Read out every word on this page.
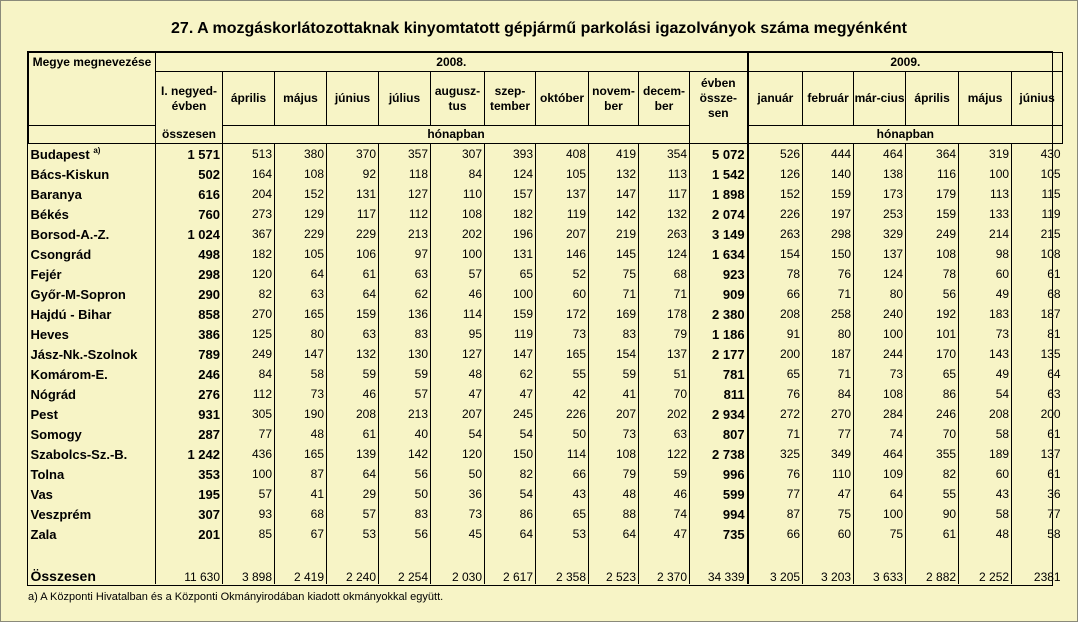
27. A mozgáskorlátozottaknak kinyomtatott gépjármű parkolási igazolványok száma megyénként
Megye megnevezése	2008.											2009.					
	I. negyed-évben	április	május	június	július	augusz-tus	szep-tember	október	novem-ber	decem-ber	évben össze-sen	január	február	már-cius	április	május	június
	összesen	hónapban										hónapban					
Budapest $^{a)}$	1 571	513	380	370	357	307	393	408	419	354	5 072	526	444	464	364	319	430
Bács-Kiskun	502	164	108	92	118	84	124	105	132	113	1 542	126	140	138	116	100	105
Baranya	616	204	152	131	127	110	157	137	147	117	1 898	152	159	173	179	113	115
Békés	760	273	129	117	112	108	182	119	142	132	2 074	226	197	253	159	133	119
Borsod-A.-Z.	1 024	367	229	229	213	202	196	207	219	263	3 149	263	298	329	249	214	215
Csongrád	498	182	105	106	97	100	131	146	145	124	1 634	154	150	137	108	98	108
Fejér	298	120	64	61	63	57	65	52	75	68	923	78	76	124	78	60	61
Győr-M-Sopron	290	82	63	64	62	46	100	60	71	71	909	66	71	80	56	49	68
Hajdú - Bihar	858	270	165	159	136	114	159	172	169	178	2 380	208	258	240	192	183	187
Heves	386	125	80	63	83	95	119	73	83	79	1 186	91	80	100	101	73	81
Jász-Nk.-Szolnok	789	249	147	132	130	127	147	165	154	137	2 177	200	187	244	170	143	135
Komárom-E.	246	84	58	59	59	48	62	55	59	51	781	65	71	73	65	49	64
Nógrád	276	112	73	46	57	47	47	42	41	70	811	76	84	108	86	54	63
Pest	931	305	190	208	213	207	245	226	207	202	2 934	272	270	284	246	208	200
Somogy	287	77	48	61	40	54	54	50	73	63	807	71	77	74	70	58	61
Szabolcs-Sz.-B.	1 242	436	165	139	142	120	150	114	108	122	2 738	325	349	464	355	189	137
Tolna	353	100	87	64	56	50	82	66	79	59	996	76	110	109	82	60	61
Vas	195	57	41	29	50	36	54	43	48	46	599	77	47	64	55	43	36
Veszprém	307	93	68	57	83	73	86	65	88	74	994	87	75	100	90	58	77
Zala	201	85	67	53	56	45	64	53	64	47	735	66	60	75	61	48	58
Összesen	11 630	3 898	2 419	2 240	2 254	2 030	2 617	2 358	2 523	2 370	34 339	3 205	3 203	3 633	2 882	2 252	2381
a) A Központi Hivatalban és a Központi Okmányirodában kiadott okmányokkal együtt.
